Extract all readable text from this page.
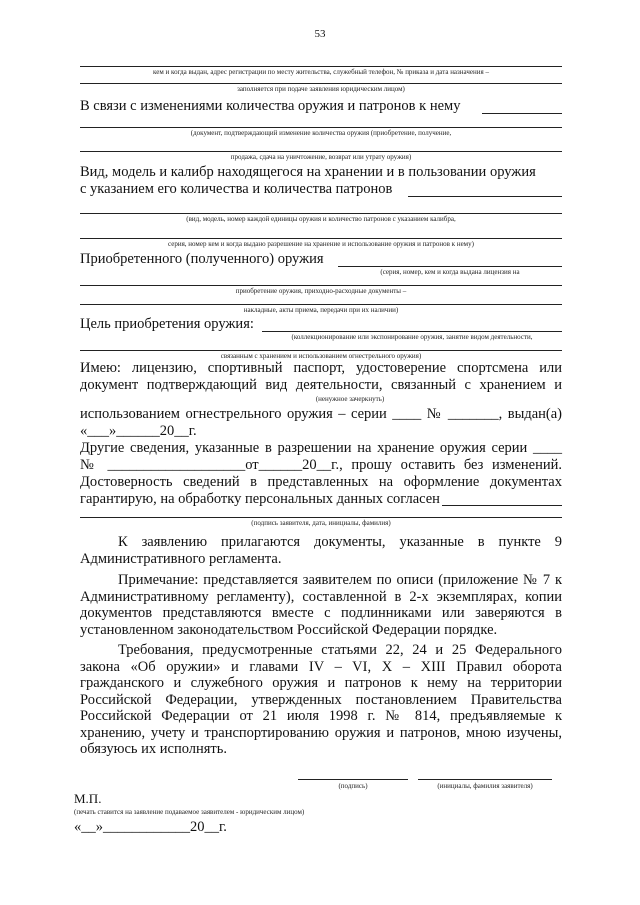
53
кем и когда выдан, адрес регистрации по месту жительства, служебный телефон, № приказа и дата назначения –
заполняется при подаче заявления юридическим лицом)
В связи с изменениями количества оружия и патронов к нему
(документ, подтверждающий изменение количества оружия (приобретение, получение,
продажа, сдача на уничтожение, возврат или утрату оружия)
Вид, модель и калибр находящегося на хранении и в пользовании оружия
с указанием его количества и количества патронов
(вид, модель, номер каждой единицы оружия и количество патронов с указанием калибра,
серия, номер кем и когда выдано разрешение на хранение и использование оружия и патронов к нему)
Приобретенного (полученного) оружия
(серия, номер, кем и когда выдана лицензия на
приобретение оружия, приходно-расходные документы –
накладные, акты приема, передачи при их наличии)
Цель приобретения оружия:
(коллекционирование или экспонирование оружия, занятие видом деятельности,
связанным с хранением и использованием огнестрельного оружия)
Имею: лицензию, спортивный паспорт, удостоверение спортсмена или
документ подтверждающий вид деятельности, связанный с хранением и
(ненужное зачеркнуть)
использованием огнестрельного оружия – серии ____ № _______, выдан(а)
«___»______20__г.
Другие сведения, указанные в разрешении на хранение оружия серии ____
№ ___________________от______20__г., прошу оставить без изменений.
Достоверность сведений в представленных на оформление документах
гарантирую, на обработку персональных данных согласен
(подпись заявителя, дата, инициалы, фамилия)
К заявлению прилагаются документы, указанные в пункте 9 Административного регламента.
Примечание: представляется заявителем по описи (приложение № 7 к Административному регламенту), составленной в 2-х экземплярах, копии документов представляются вместе с подлинниками или заверяются в установленном законодательством Российской Федерации порядке.
Требования, предусмотренные статьями 22, 24 и 25 Федерального закона «Об оружии» и главами IV – VI, X – XIII Правил оборота гражданского и служебного оружия и патронов к нему на территории Российской Федерации, утвержденных постановлением Правительства Российской Федерации от 21 июля 1998 г. № 814, предъявляемые к хранению, учету и транспортированию оружия и патронов, мною изучены, обязуюсь их исполнять.
(подпись)	(инициалы, фамилия заявителя)
М.П.
(печать ставится на заявление подаваемое заявителем - юридическим лицом)
«__»____________20__г.
